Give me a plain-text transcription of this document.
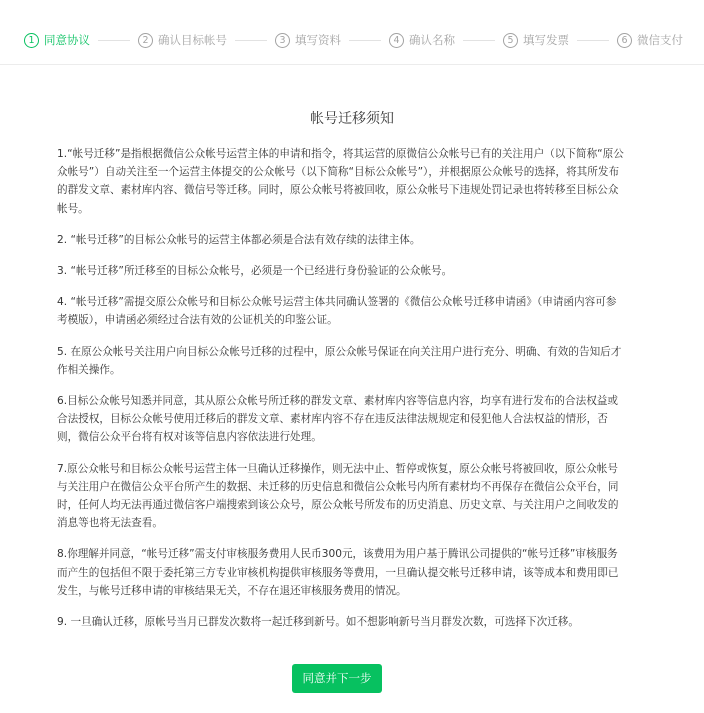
1 同意协议	2 确认目标帐号	3 填写资料	4 确认名称	5 填写发票	6 微信支付
帐号迁移须知

1.“帐号迁移”是指根据微信公众帐号运营主体的申请和指令，将其运营的原微信公众帐号已有的关注用户（以下简称“原公众帐号”）自动关注至一个运营主体提交的公众帐号（以下简称“目标公众帐号”），并根据原公众帐号的选择，将其所发布的群发文章、素材库内容、微信号等迁移。同时，原公众帐号将被回收，原公众帐号下违规处罚记录也将转移至目标公众帐号。

2. “帐号迁移”的目标公众帐号的运营主体都必须是合法有效存续的法律主体。

3. “帐号迁移”所迁移至的目标公众帐号，必须是一个已经进行身份验证的公众帐号。

4. “帐号迁移”需提交原公众帐号和目标公众帐号运营主体共同确认签署的《微信公众帐号迁移申请函》（申请函内容可参考模版），申请函必须经过合法有效的公证机关的印鉴公证。

5. 在原公众帐号关注用户向目标公众帐号迁移的过程中，原公众帐号保证在向关注用户进行充分、明确、有效的告知后才作相关操作。

6.目标公众帐号知悉并同意，其从原公众帐号所迁移的群发文章、素材库内容等信息内容，均享有进行发布的合法权益或合法授权，目标公众帐号使用迁移后的群发文章、素材库内容不存在违反法律法规规定和侵犯他人合法权益的情形，否则，微信公众平台将有权对该等信息内容依法进行处理。

7.原公众帐号和目标公众帐号运营主体一旦确认迁移操作，则无法中止、暂停或恢复，原公众帐号将被回收，原公众帐号与关注用户在微信公众平台所产生的数据、未迁移的历史信息和微信公众帐号内所有素材均不再保存在微信公众平台，同时，任何人均无法再通过微信客户端搜索到该公众号，原公众帐号所发布的历史消息、历史文章、与关注用户之间收发的消息等也将无法查看。

8.你理解并同意，“帐号迁移”需支付审核服务费用人民币300元，该费用为用户基于腾讯公司提供的“帐号迁移”审核服务而产生的包括但不限于委托第三方专业审核机构提供审核服务等费用，一旦确认提交帐号迁移申请，该等成本和费用即已发生，与帐号迁移申请的审核结果无关，不存在退还审核服务费用的情况。

9. 一旦确认迁移，原帐号当月已群发次数将一起迁移到新号。如不想影响新号当月群发次数，可选择下次迁移。

同意并下一步
